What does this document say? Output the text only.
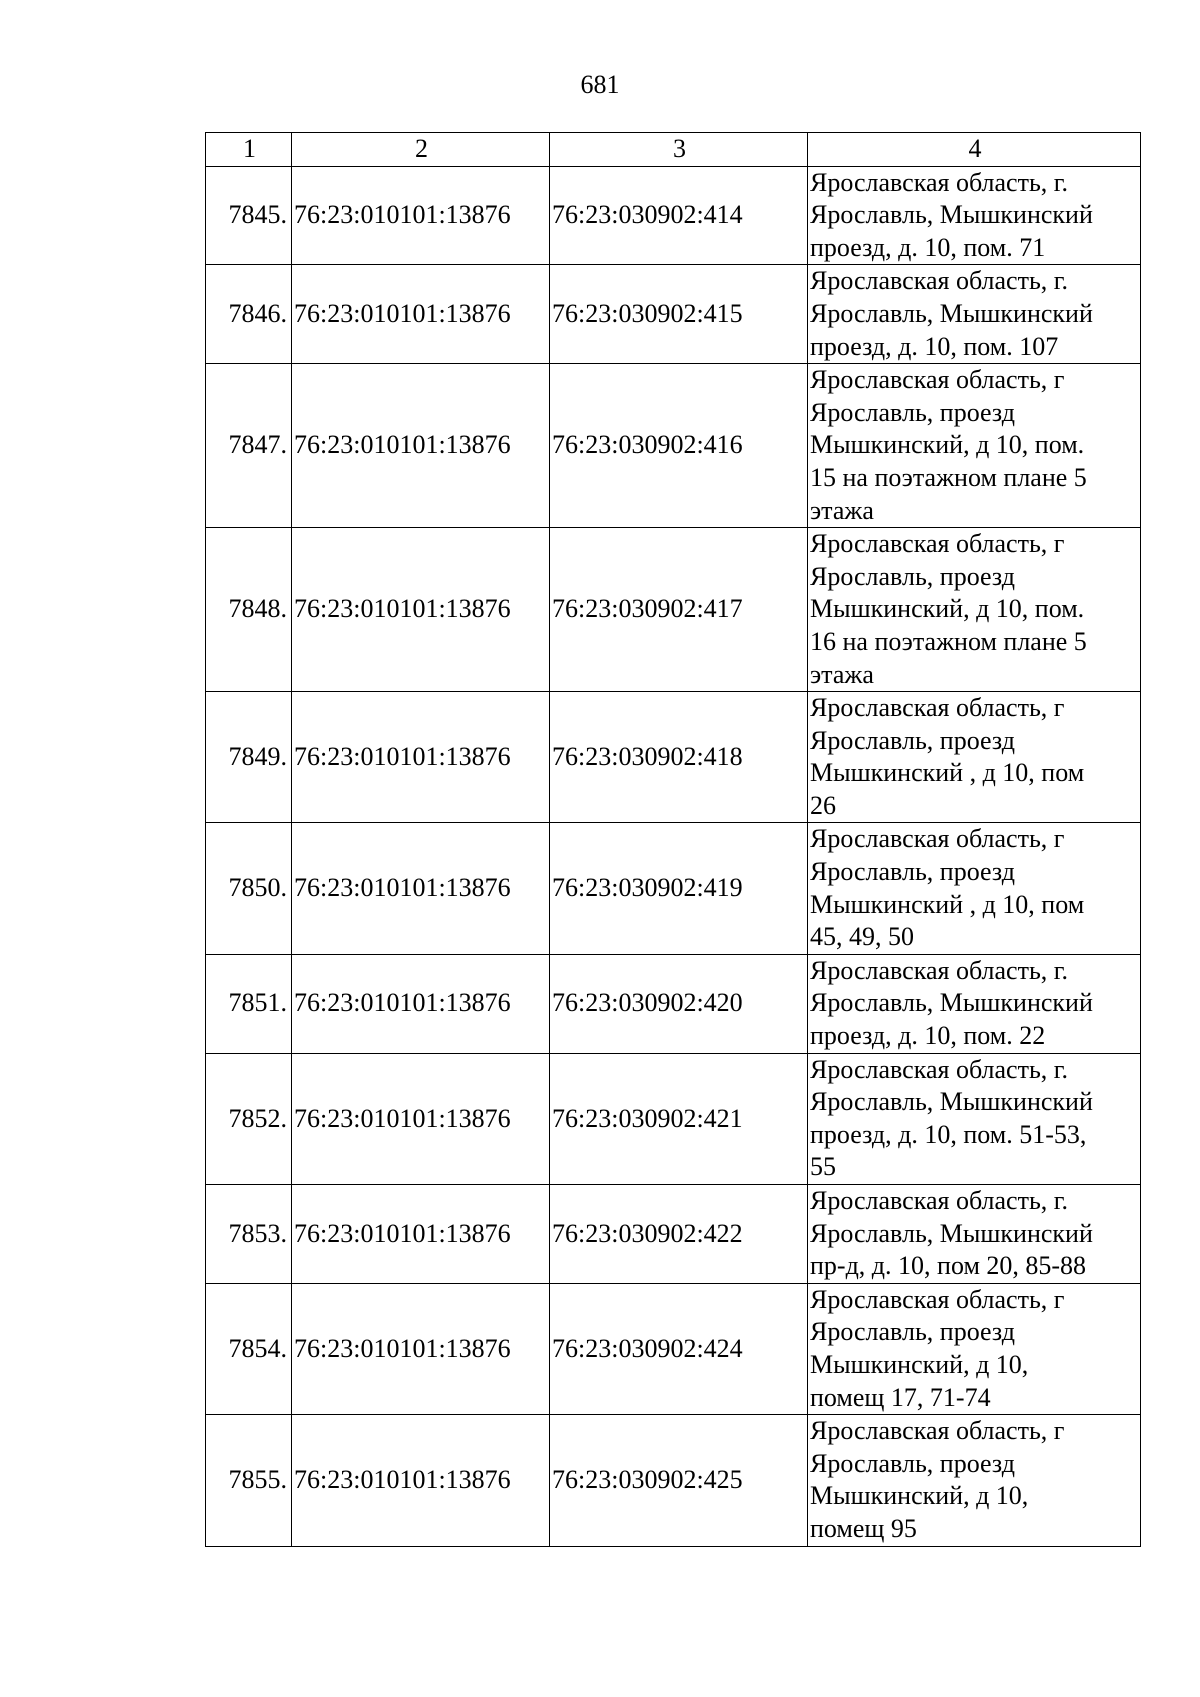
681
1	2	3	4
7845.	76:23:010101:13876	76:23:030902:414	Ярославская область, г.
Ярославль, Мышкинский
проезд, д. 10, пом. 71

7846.	76:23:010101:13876	76:23:030902:415	Ярославская область, г.
Ярославль, Мышкинский
проезд, д. 10, пом. 107

7847.	76:23:010101:13876	76:23:030902:416	Ярославская область, г
Ярославль, проезд
Мышкинский, д 10, пом.
15 на поэтажном плане 5
этажа

7848.	76:23:010101:13876	76:23:030902:417	Ярославская область, г
Ярославль, проезд
Мышкинский, д 10, пом.
16 на поэтажном плане 5
этажа

7849.	76:23:010101:13876	76:23:030902:418	Ярославская область, г
Ярославль, проезд
Мышкинский , д 10, пом
26

7850.	76:23:010101:13876	76:23:030902:419	Ярославская область, г
Ярославль, проезд
Мышкинский , д 10, пом
45, 49, 50

7851.	76:23:010101:13876	76:23:030902:420	Ярославская область, г.
Ярославль, Мышкинский
проезд, д. 10, пом. 22

7852.	76:23:010101:13876	76:23:030902:421	Ярославская область, г.
Ярославль, Мышкинский
проезд, д. 10, пом. 51-53,
55

7853.	76:23:010101:13876	76:23:030902:422	Ярославская область, г.
Ярославль, Мышкинский
пр-д, д. 10, пом 20, 85-88

7854.	76:23:010101:13876	76:23:030902:424	Ярославская область, г
Ярославль, проезд
Мышкинский, д 10,
помещ 17, 71-74

7855.	76:23:010101:13876	76:23:030902:425	Ярославская область, г
Ярославль, проезд
Мышкинский, д 10,
помещ 95
